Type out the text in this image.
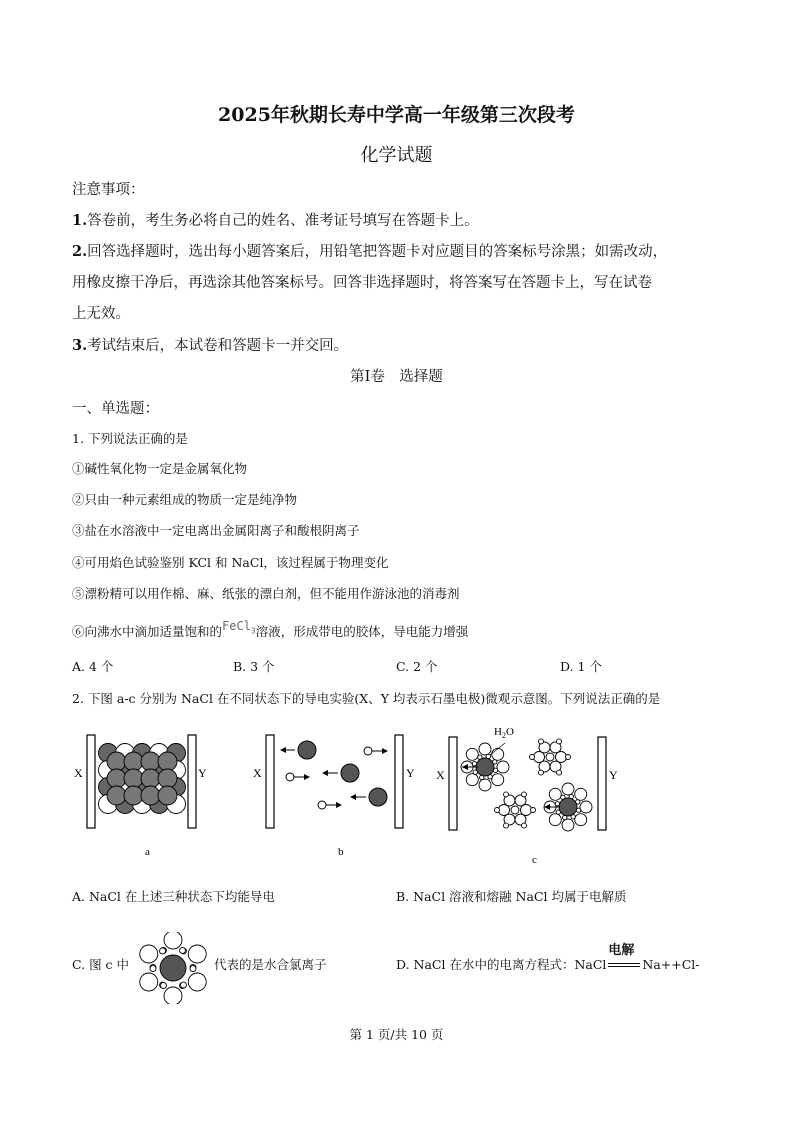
2025年秋期长寿中学高一年级第三次段考
化学试题
注意事项：
1.答卷前，考生务必将自己的姓名、准考证号填写在答题卡上。
2.回答选择题时，选出每小题答案后，用铅笔把答题卡对应题目的答案标号涂黑；如需改动，
用橡皮擦干净后，再选涂其他答案标号。回答非选择题时，将答案写在答题卡上，写在试卷
上无效。
3.考试结束后，本试卷和答题卡一并交回。
第Ⅰ卷　选择题
一、单选题：
1. 下列说法正确的是
①碱性氧化物一定是金属氧化物
②只由一种元素组成的物质一定是纯净物
③盐在水溶液中一定电离出金属阳离子和酸根阴离子
④可用焰色试验鉴别 KCl 和 NaCl，该过程属于物理变化
⑤漂粉精可以用作棉、麻、纸张的漂白剂，但不能用作游泳池的消毒剂
⑥向沸水中滴加适量饱和的FeCl$_3$溶液，形成带电的胶体，导电能力增强
A. 4 个	B. 3 个	C. 2 个	D. 1 个
2. 下图 a-c 分别为 NaCl 在不同状态下的导电实验(X、Y 均表示石墨电极)微观示意图。下列说法正确的是
X	Y
a
X	Y
b
$H_2O$
X	Y
c
A. NaCl 在上述三种状态下均能导电	B. NaCl 溶液和熔融 NaCl 均属于电解质
C. 图 c 中	代表的是水合氯离子	D. NaCl 在水中的电离方程式：NaCl
电解
Na++Cl-
第 1 页/共 10 页
